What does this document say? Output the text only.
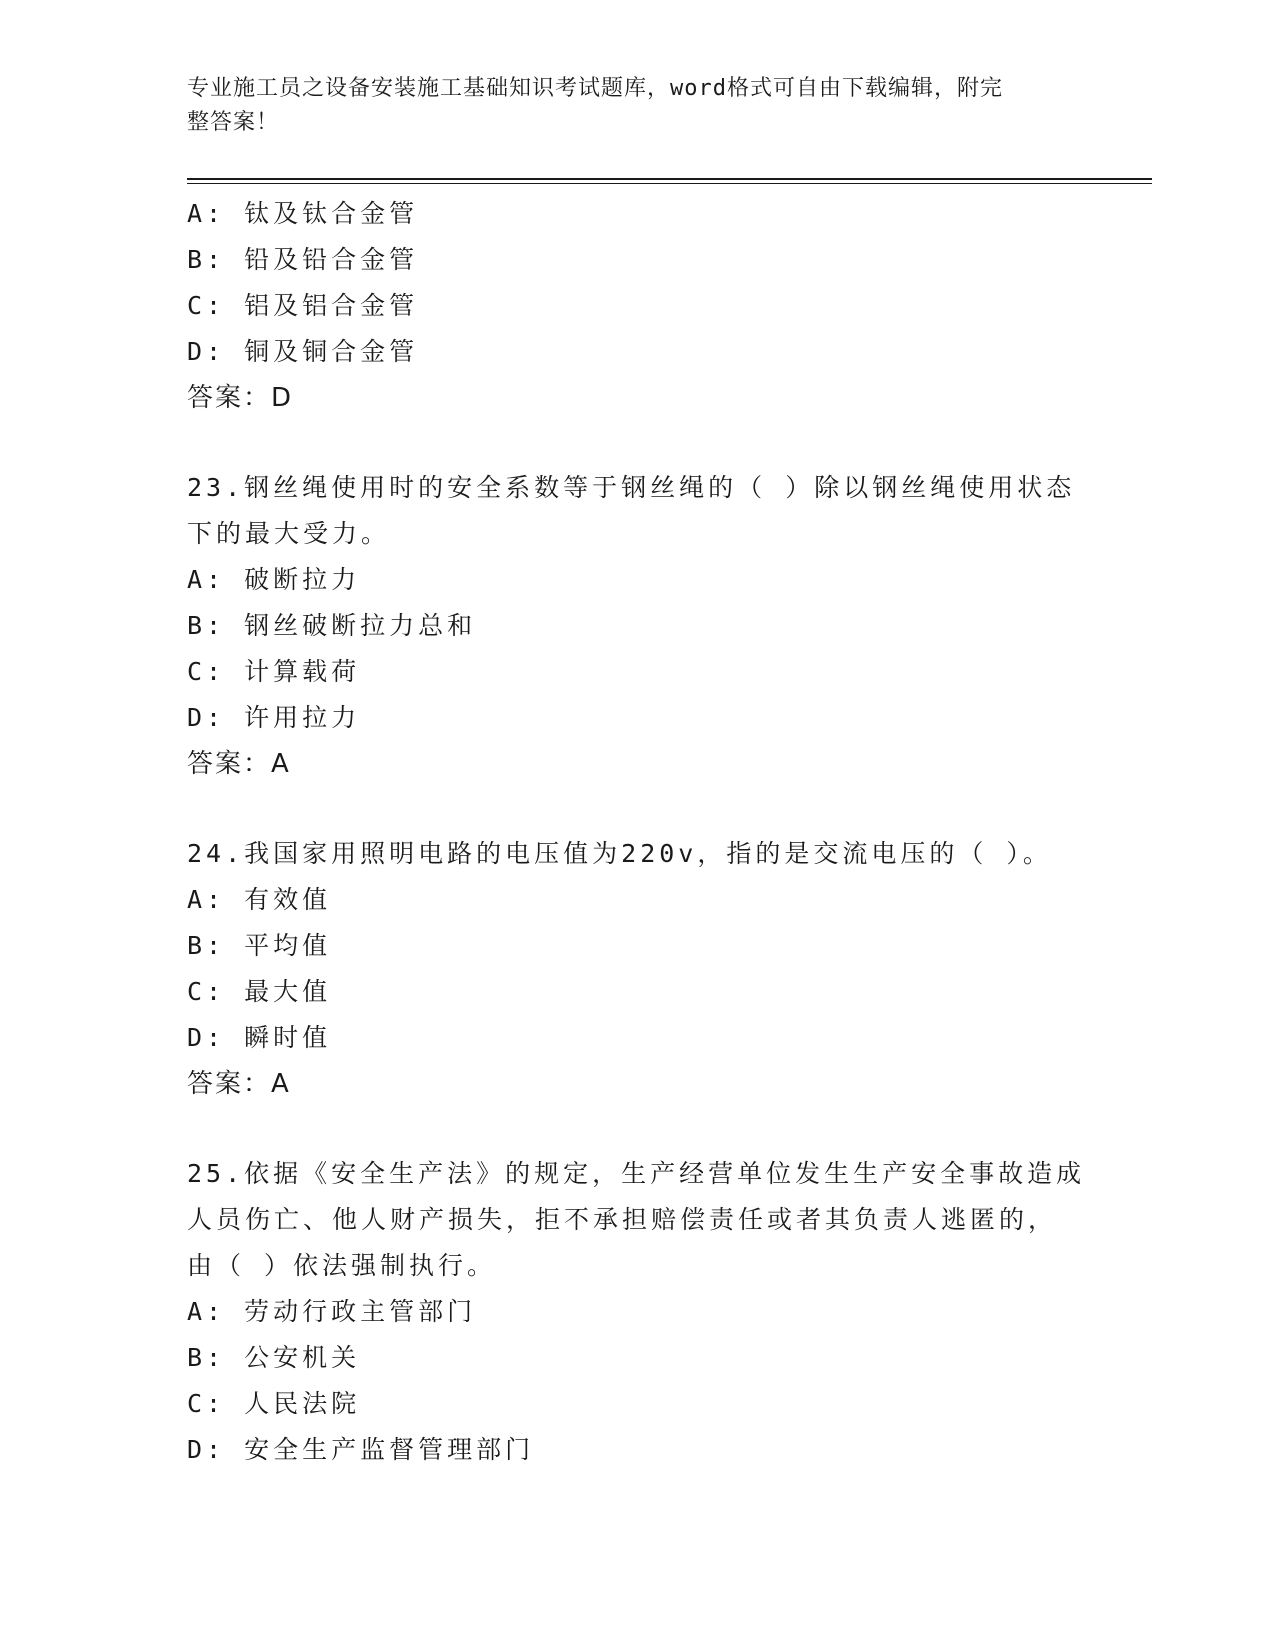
专业施工员之设备安装施工基础知识考试题库，word格式可自由下载编辑，附完
整答案！
A: 钛及钛合金管
B: 铅及铅合金管
C: 铝及铝合金管
D: 铜及铜合金管
答案：D
23.钢丝绳使用时的安全系数等于钢丝绳的（ ）除以钢丝绳使用状态
下的最大受力。
A: 破断拉力
B: 钢丝破断拉力总和
C: 计算载荷
D: 许用拉力
答案：A
24.我国家用照明电路的电压值为220v，指的是交流电压的（ ）。
A: 有效值
B: 平均值
C: 最大值
D: 瞬时值
答案：A
25.依据《安全生产法》的规定，生产经营单位发生生产安全事故造成
人员伤亡、他人财产损失，拒不承担赔偿责任或者其负责人逃匿的，
由（ ）依法强制执行。
A: 劳动行政主管部门
B: 公安机关
C: 人民法院
D: 安全生产监督管理部门
